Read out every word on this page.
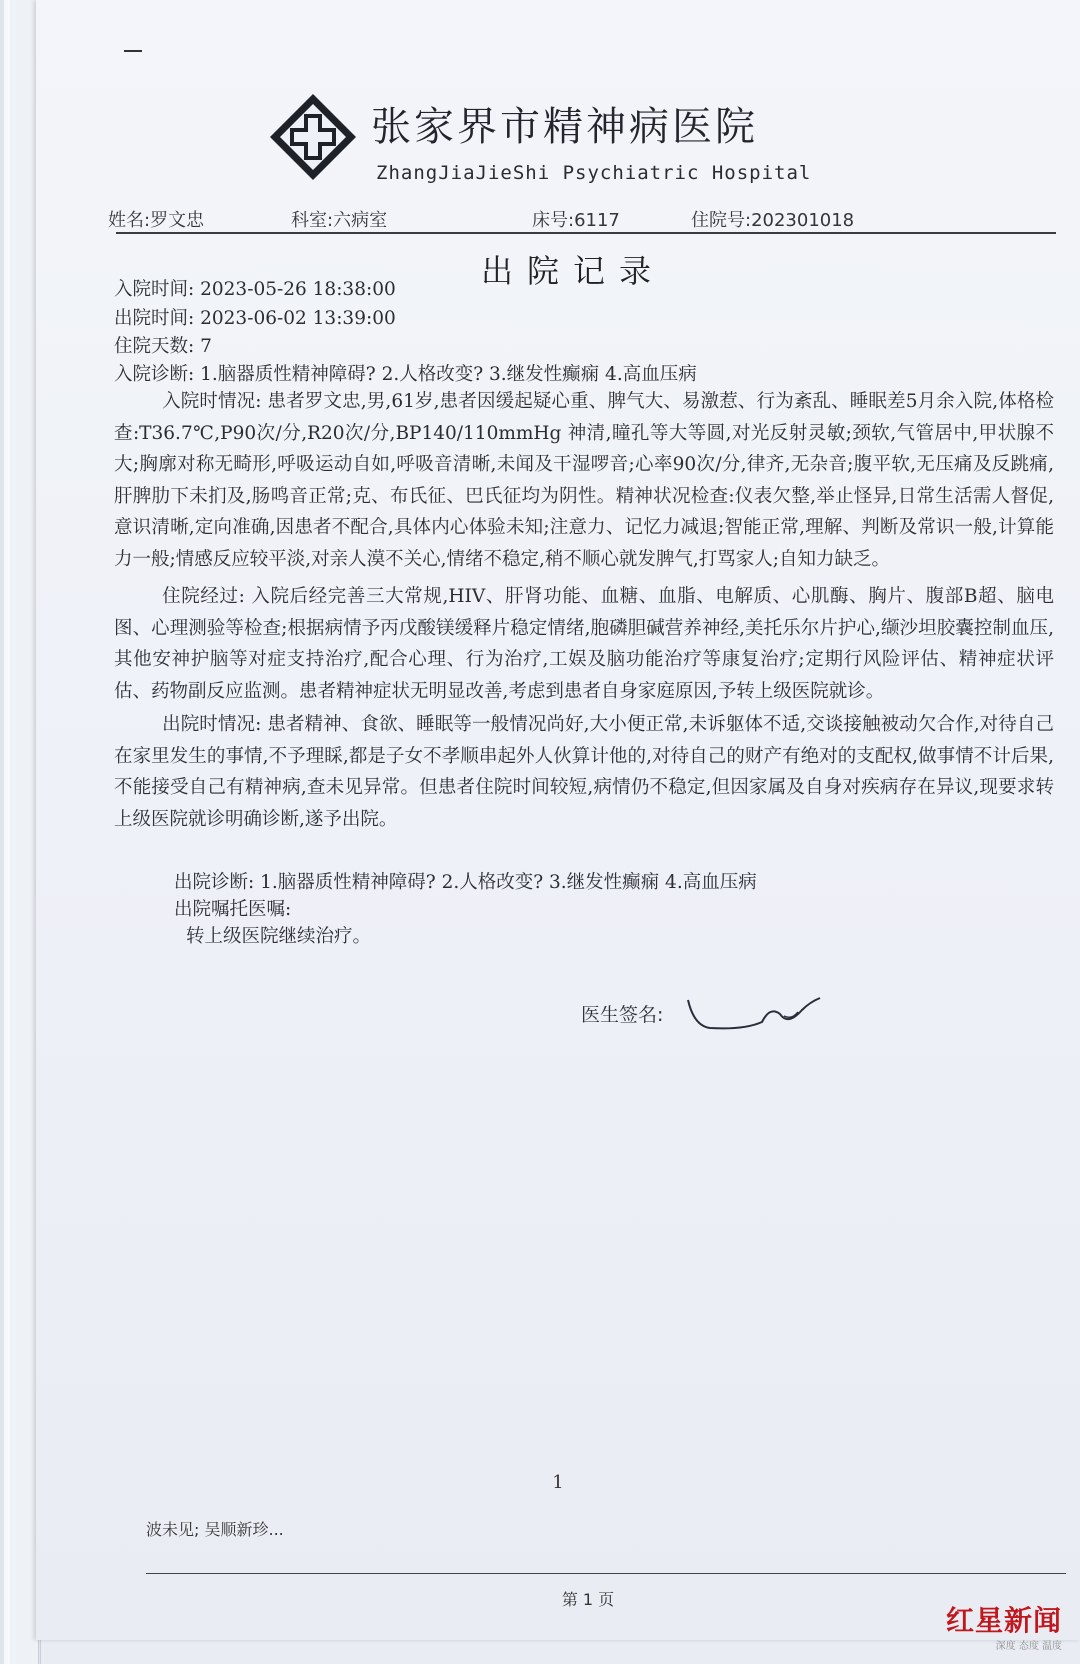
张家界市精神病医院
ZhangJiaJieShi Psychiatric Hospital
姓名:罗文忠	科室:六病室	床号:6117	住院号:202301018
出院记录
入院时间: 2023-05-26 18:38:00
出院时间: 2023-06-02 13:39:00
住院天数: 7
入院诊断: 1.脑器质性精神障碍? 2.人格改变? 3.继发性癫痫 4.高血压病

入院时情况: 患者罗文忠,男,61岁,患者因缓起疑心重、脾气大、易激惹、行为紊乱、睡眠差5月余入院,体格检查:T36.7℃,P90次/分,R20次/分,BP140/110mmHg 神清,瞳孔等大等圆,对光反射灵敏;颈软,气管居中,甲状腺不大;胸廓对称无畸形,呼吸运动自如,呼吸音清晰,未闻及干湿啰音;心率90次/分,律齐,无杂音;腹平软,无压痛及反跳痛,肝脾肋下未扪及,肠鸣音正常;克、布氏征、巴氏征均为阴性。精神状况检查:仪表欠整,举止怪异,日常生活需人督促,意识清晰,定向准确,因患者不配合,具体内心体验未知;注意力、记忆力减退;智能正常,理解、判断及常识一般,计算能力一般;情感反应较平淡,对亲人漠不关心,情绪不稳定,稍不顺心就发脾气,打骂家人;自知力缺乏。

住院经过: 入院后经完善三大常规,HIV、肝肾功能、血糖、血脂、电解质、心肌酶、胸片、腹部B超、脑电图、心理测验等检查;根据病情予丙戊酸镁缓释片稳定情绪,胞磷胆碱营养神经,美托乐尔片护心,缬沙坦胶囊控制血压,其他安神护脑等对症支持治疗,配合心理、行为治疗,工娱及脑功能治疗等康复治疗;定期行风险评估、精神症状评估、药物副反应监测。患者精神症状无明显改善,考虑到患者自身家庭原因,予转上级医院就诊。

出院时情况: 患者精神、食欲、睡眠等一般情况尚好,大小便正常,未诉躯体不适,交谈接触被动欠合作,对待自己在家里发生的事情,不予理睬,都是子女不孝顺串起外人伙算计他的,对待自己的财产有绝对的支配权,做事情不计后果,不能接受自己有精神病,查未见异常。但患者住院时间较短,病情仍不稳定,但因家属及自身对疾病存在异议,现要求转上级医院就诊明确诊断,遂予出院。

出院诊断: 1.脑器质性精神障碍? 2.人格改变? 3.继发性癫痫 4.高血压病
出院嘱托医嘱:
转上级医院继续治疗。
医生签名:
1
波未见; 吴顺新珍...
第 1 页
红星新闻
深度 态度 温度
